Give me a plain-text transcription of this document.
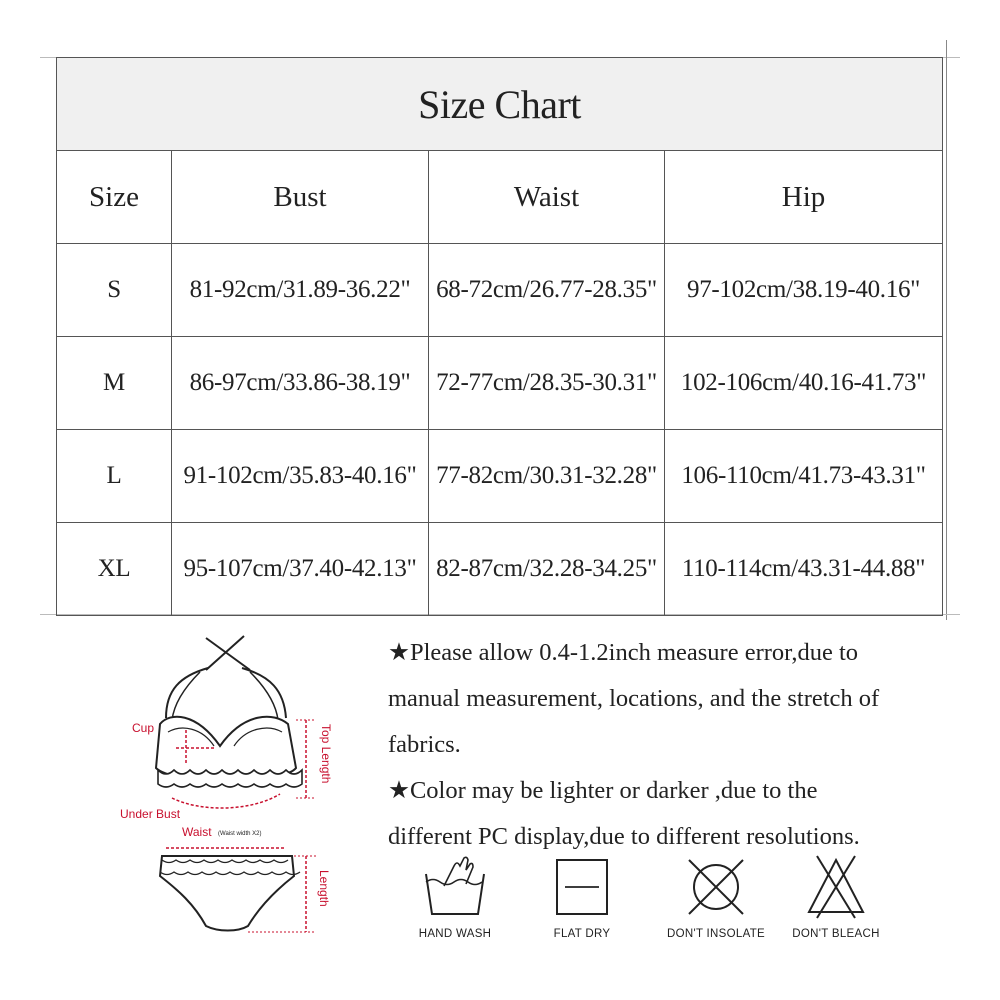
Size Chart			
Size	Bust	Waist	Hip
S	81-92cm/31.89-36.22"	68-72cm/26.77-28.35"	97-102cm/38.19-40.16"
M	86-97cm/33.86-38.19"	72-77cm/28.35-30.31"	102-106cm/40.16-41.73"
L	91-102cm/35.83-40.16"	77-82cm/30.31-32.28"	106-110cm/41.73-43.31"
XL	95-107cm/37.40-42.13"	82-87cm/32.28-34.25"	110-114cm/43.31-44.88"
Cup	Top Length
Under Bust
Waist (Waist width X2)
Length
★Please allow 0.4-1.2inch measure error,due to
manual measurement, locations, and the stretch of
fabrics.
★Color may be lighter or darker ,due to the
different PC display,due to different resolutions.
HAND WASH	FLAT DRY	DON'T INSOLATE	DON'T BLEACH
